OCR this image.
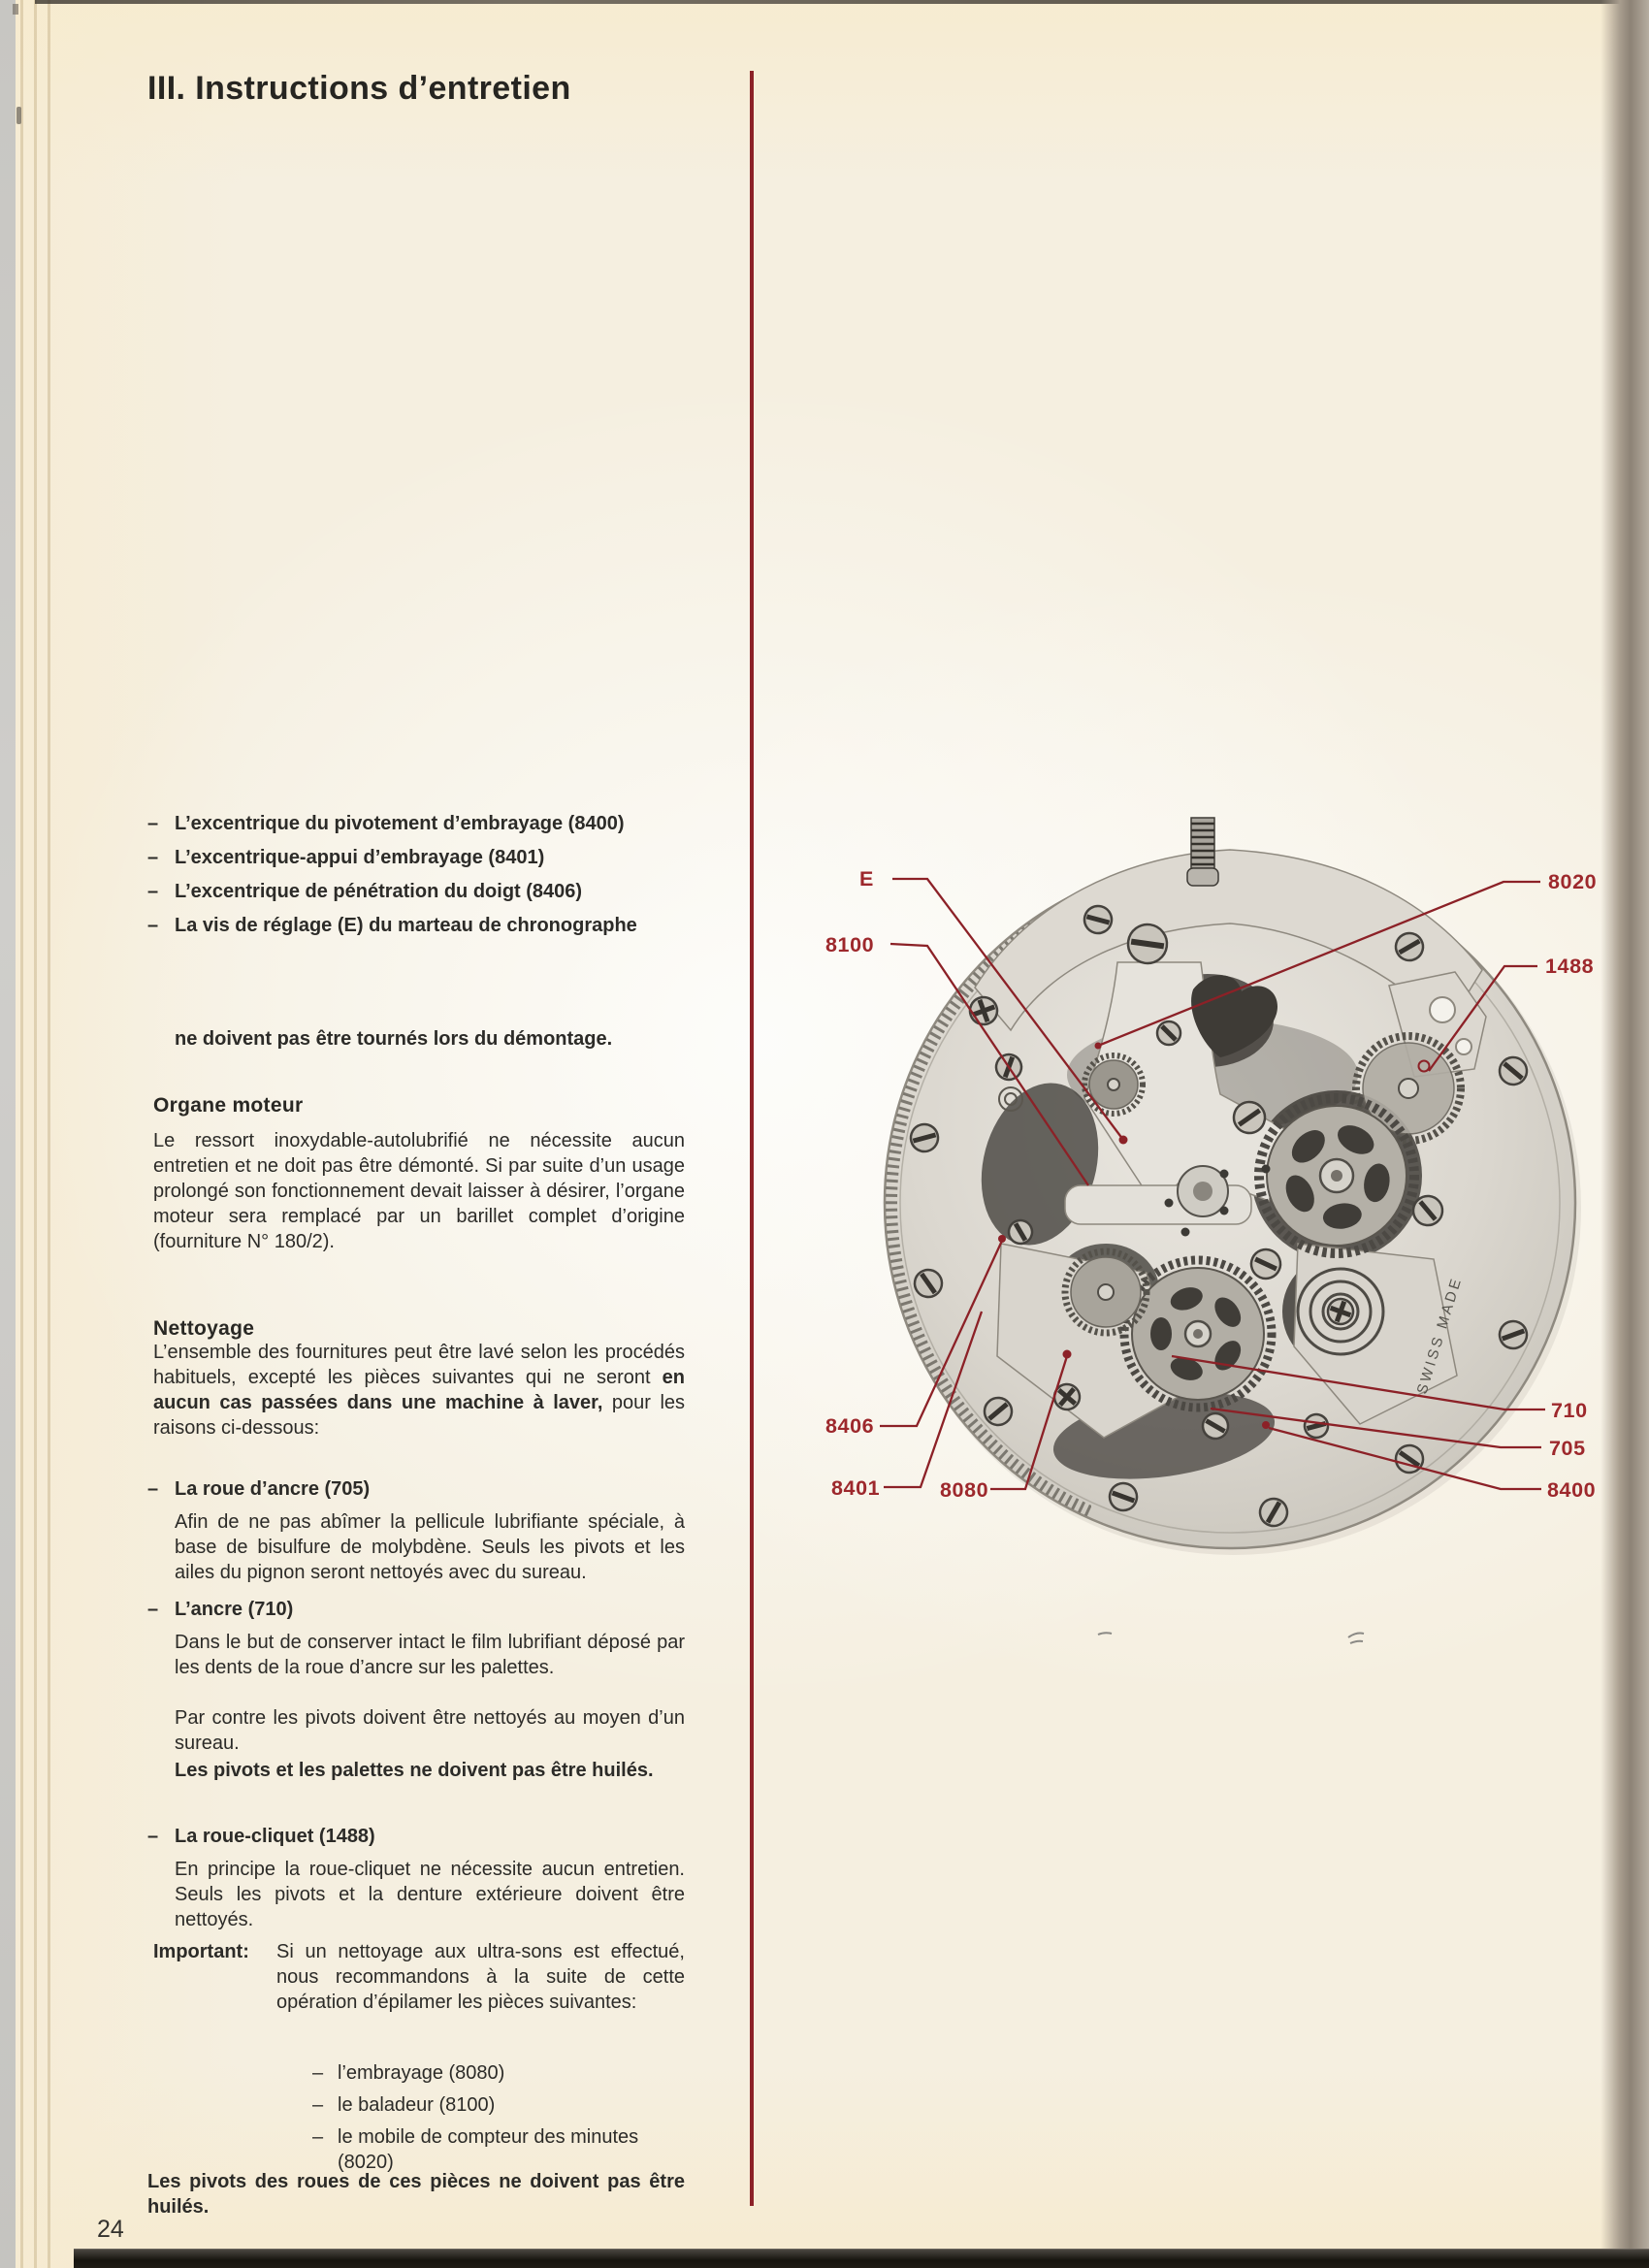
III. Instructions d’entretien
– L’excentrique du pivotement d’embrayage (8400)
– L’excentrique-appui d’embrayage (8401)
– L’excentrique de pénétration du doigt (8406)
– La vis de réglage (E) du marteau de chronographe
ne doivent pas être tournés lors du démontage.
Organe moteur
Le ressort inoxydable-autolubrifié ne nécessite aucun entretien et ne doit pas être démonté. Si par suite d’un usage prolongé son fonctionnement devait laisser à désirer, l’organe moteur sera remplacé par un barillet complet d’origine (fourniture N° 180/2).
Nettoyage
L’ensemble des fournitures peut être lavé selon les procédés habituels, excepté les pièces suivantes qui ne seront en aucun cas passées dans une machine à laver, pour les raisons ci-dessous:
– La roue d’ancre (705)
Afin de ne pas abîmer la pellicule lubrifiante spéciale, à base de bisulfure de molybdène. Seuls les pivots et les ailes du pignon seront nettoyés avec du sureau.
– L’ancre (710)
Dans le but de conserver intact le film lubrifiant déposé par les dents de la roue d’ancre sur les palettes.
Par contre les pivots doivent être nettoyés au moyen d’un sureau.
Les pivots et les palettes ne doivent pas être huilés.
– La roue-cliquet (1488)
En principe la roue-cliquet ne nécessite aucun entretien. Seuls les pivots et la denture extérieure doivent être nettoyés.
Important:	Si un nettoyage aux ultra-sons est effectué, nous recommandons à la suite de cette opération d’épilamer les pièces suivantes:
– l’embrayage (8080)
– le baladeur (8100)
– le mobile de compteur des minutes (8020)
Les pivots des roues de ces pièces ne doivent pas être huilés.
24
SWISS MADE
E
8100
8020
1488
710
705
8400
8406
8401	8080
